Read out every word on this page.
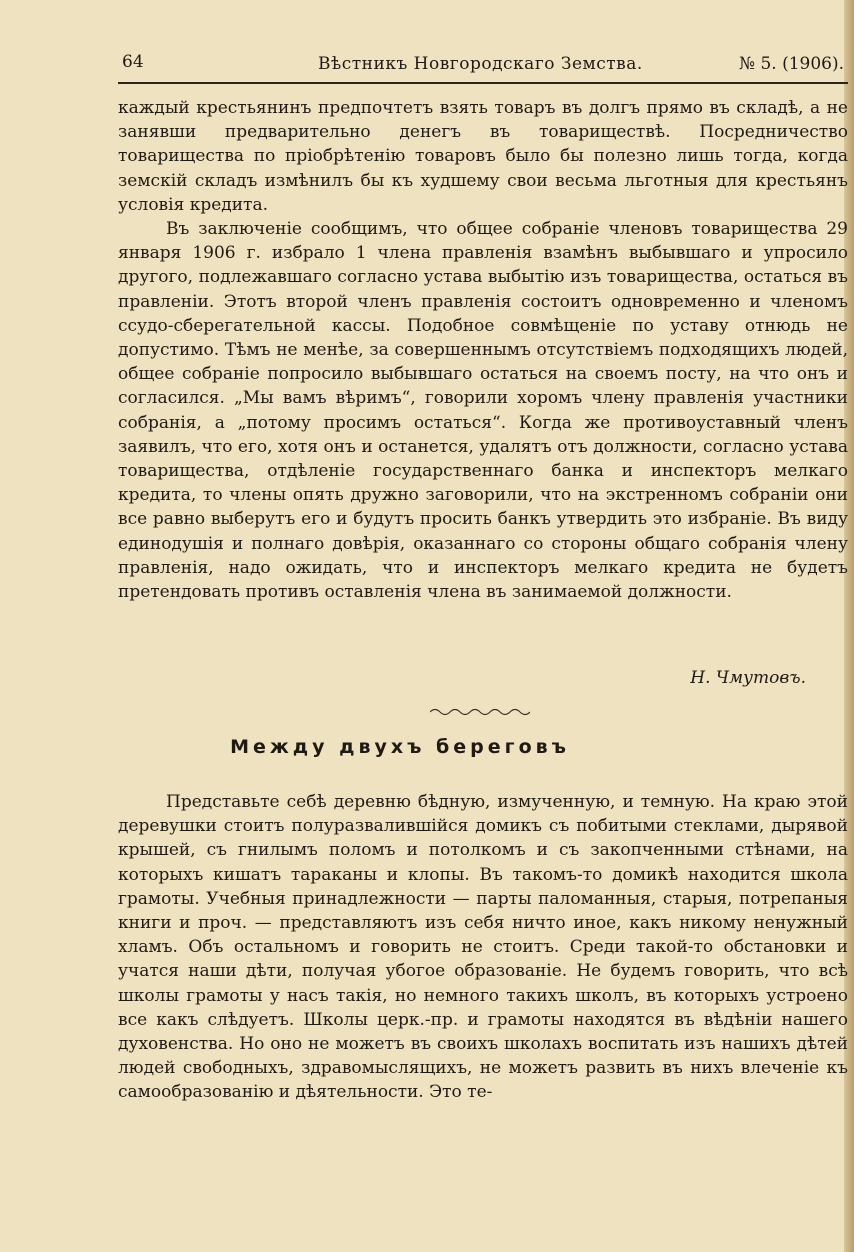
64	Вѣстникъ Новгородскаго Земства.	№ 5. (1906).

каждый крестьянинъ предпочтетъ взять товаръ въ долгъ прямо въ складѣ, а не занявши предварительно денегъ въ товариществѣ. Посредничество товарищества по пріобрѣтенію товаровъ было бы полезно лишь тогда, когда земскій складъ измѣнилъ бы къ худшему свои весьма льготныя для крестьянъ условія кредита.

Въ заключеніе сообщимъ, что общее собраніе членовъ товарищества 29 января 1906 г. избрало 1 члена правленія взамѣнъ выбывшаго и упросило другого, подлежавшаго согласно устава выбытію изъ товарищества, остаться въ правленіи. Этотъ второй членъ правленія состоитъ одновременно и членомъ ссудо-сберегательной кассы. Подобное совмѣщеніе по уставу отнюдь не допустимо. Тѣмъ не менѣе, за совершеннымъ отсутствіемъ подходящихъ людей, общее собраніе попросило выбывшаго остаться на своемъ посту, на что онъ и согласился. „Мы вамъ вѣримъ“, говорили хоромъ члену правленія участники собранія, а „потому просимъ остаться“. Когда же противоуставный членъ заявилъ, что его, хотя онъ и останется, удалятъ отъ должности, согласно устава товарищества, отдѣленіе государственнаго банка и инспекторъ мелкаго кредита, то члены опять дружно заговорили, что на экстренномъ собраніи они все равно выберутъ его и будутъ просить банкъ утвердить это избраніе. Въ виду единодушія и полнаго довѣрія, оказаннаго со стороны общаго собранія члену правленія, надо ожидать, что и инспекторъ мелкаго кредита не будетъ претендовать противъ оставленія члена въ занимаемой должности.

Н. Чмутовъ.
Между двухъ береговъ

Представьте себѣ деревню бѣдную, измученную, и темную. На краю этой деревушки стоитъ полуразвалившійся домикъ съ побитыми стеклами, дырявой крышей, съ гнилымъ поломъ и потолкомъ и съ закопченными стѣнами, на которыхъ кишатъ тараканы и клопы. Въ такомъ-то домикѣ находится школа грамоты. Учебныя принадлежности — парты паломанныя, старыя, потрепаныя книги и проч. — представляютъ изъ себя ничто иное, какъ никому ненужный хламъ. Объ остальномъ и говорить не стоитъ. Среди такой-то обстановки и учатся наши дѣти, получая убогое образованіе. Не будемъ говорить, что всѣ школы грамоты у насъ такія, но немного такихъ школъ, въ которыхъ устроено все какъ слѣдуетъ. Школы церк.-пр. и грамоты находятся въ вѣдѣніи нашего духовенства. Но оно не можетъ въ своихъ школахъ воспитать изъ нашихъ дѣтей людей свободныхъ, здравомыслящихъ, не можетъ развить въ нихъ влеченіе къ самообразованію и дѣятельности. Это те-
